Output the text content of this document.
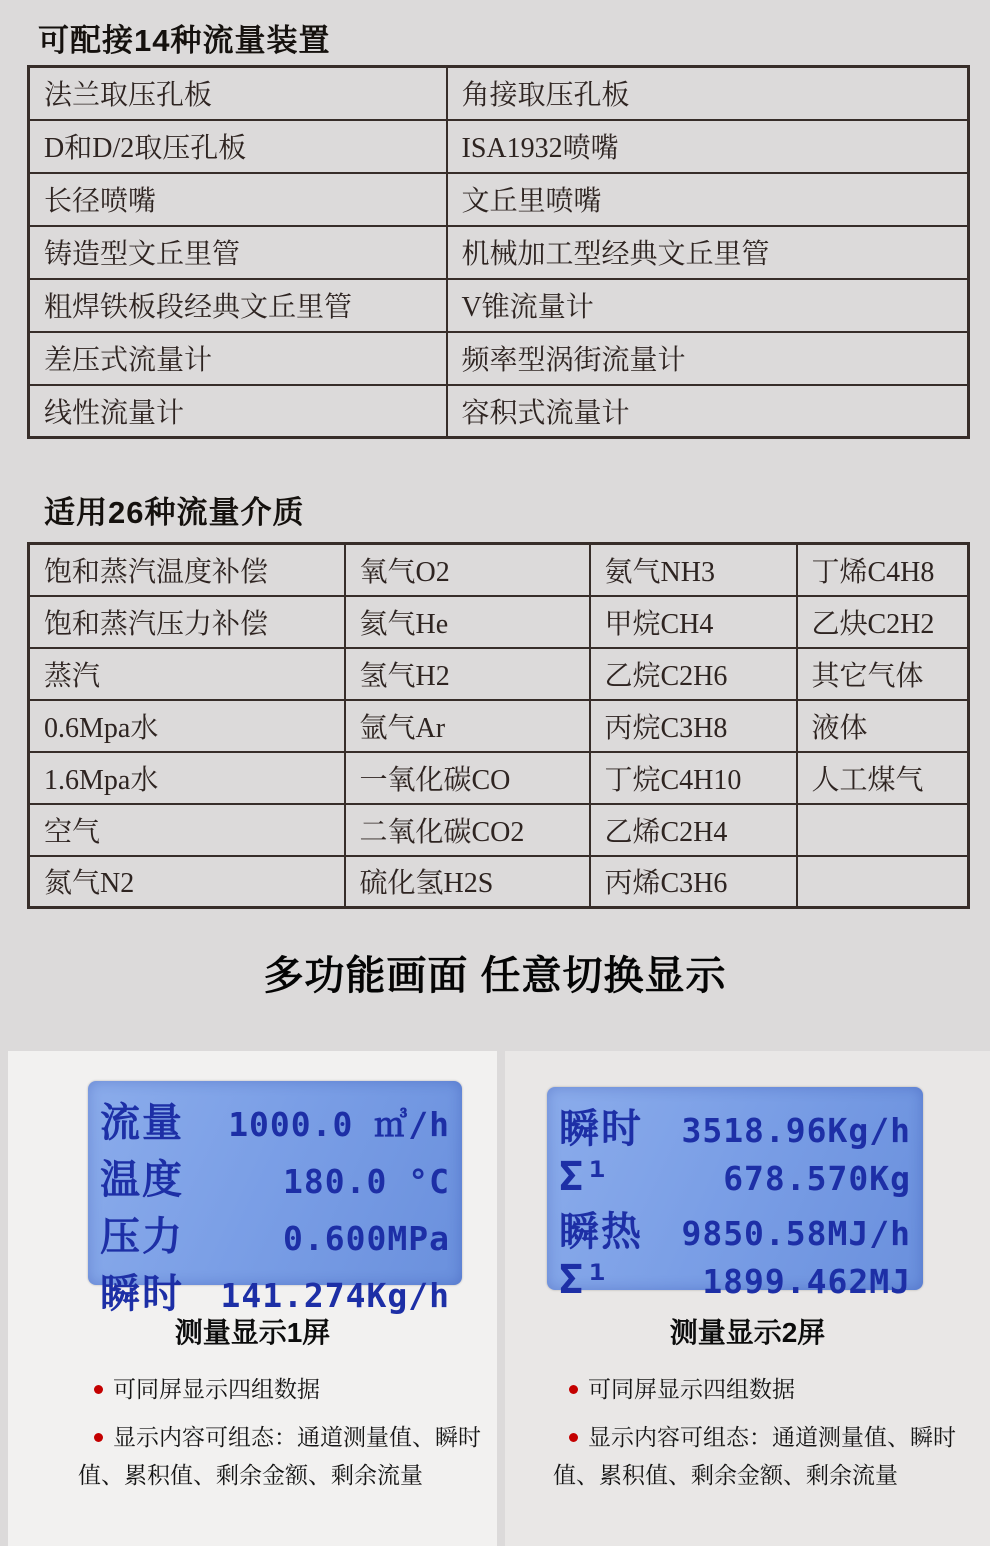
可配接14种流量装置
法兰取压孔板	角接取压孔板
D和D/2取压孔板	ISA1932喷嘴
长径喷嘴	文丘里喷嘴
铸造型文丘里管	机械加工型经典文丘里管
粗焊铁板段经典文丘里管	V锥流量计
差压式流量计	频率型涡街流量计
线性流量计	容积式流量计
适用26种流量介质
饱和蒸汽温度补偿	氧气O2	氨气NH3	丁烯C4H8
饱和蒸汽压力补偿	氦气He	甲烷CH4	乙炔C2H2
蒸汽	氢气H2	乙烷C2H6	其它气体
0.6Mpa水	氩气Ar	丙烷C3H8	液体
1.6Mpa水	一氧化碳CO	丁烷C4H10	人工煤气
空气	二氧化碳CO2	乙烯C2H4	
氮气N2	硫化氢H2S	丙烯C3H6	
多功能画面 任意切换显示
流量	1000.0 ㎥/h
温度	180.0 °C
压力	0.600MPa
瞬时	141.274Kg/h
测量显示1屏
可同屏显示四组数据
显示内容可组态：通道测量值、瞬时值、累积值、剩余金额、剩余流量
瞬时	3518.96Kg/h
Σ¹	678.570Kg
瞬热	9850.58MJ/h
Σ¹	1899.462MJ
测量显示2屏
可同屏显示四组数据
显示内容可组态：通道测量值、瞬时值、累积值、剩余金额、剩余流量
